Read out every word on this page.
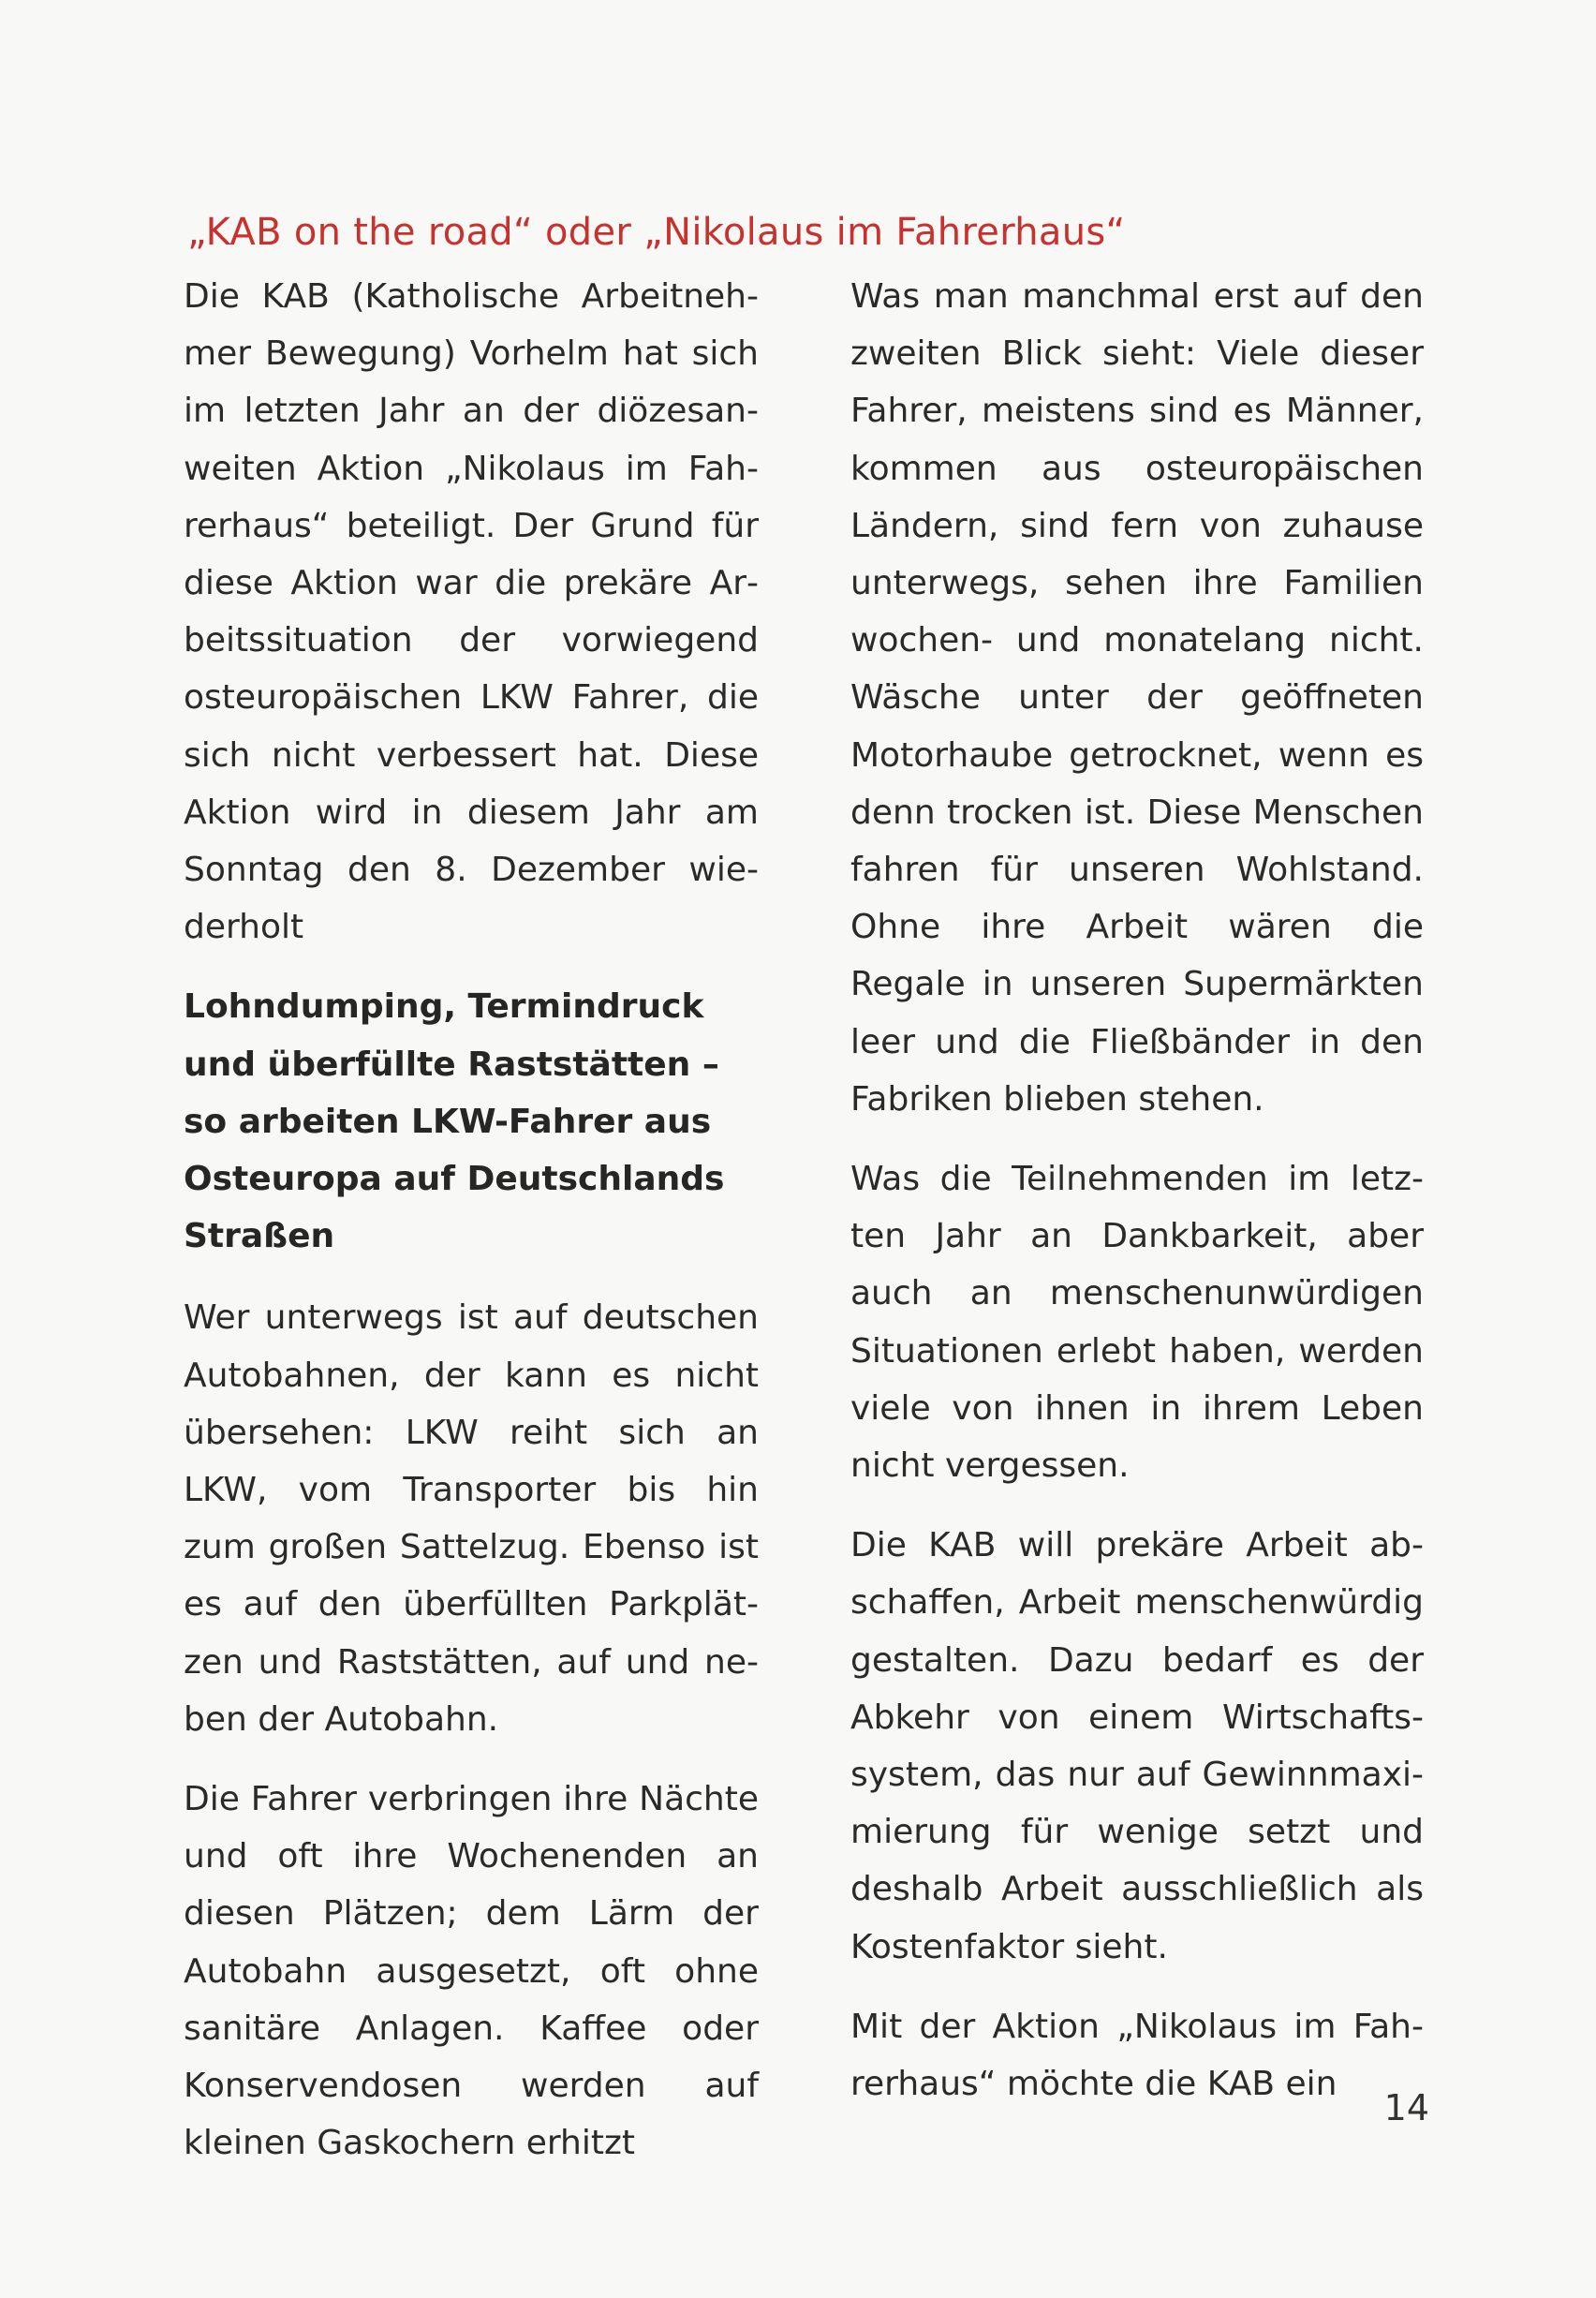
„KAB on the road“ oder „Nikolaus im Fahrerhaus“

Die KAB (Katholische Arbeitnehmer Bewegung) Vorhelm hat sich im letzten Jahr an der diözesanweiten Aktion „Nikolaus im Fahrerhaus“ beteiligt. Der Grund für diese Aktion war die prekäre Arbeitssituation der vorwiegend osteuropäischen LKW Fahrer, die sich nicht verbessert hat. Diese Aktion wird in diesem Jahr am Sonntag den 8. Dezember wiederholt

Lohndumping, Termindruck und überfüllte Raststätten – so arbeiten LKW-Fahrer aus Osteuropa auf Deutschlands Straßen

Wer unterwegs ist auf deutschen Autobahnen, der kann es nicht übersehen: LKW reiht sich an LKW, vom Transporter bis hin zum großen Sattelzug. Ebenso ist es auf den überfüllten Parkplätzen und Raststätten, auf und neben der Autobahn.

Die Fahrer verbringen ihre Nächte und oft ihre Wochenenden an diesen Plätzen; dem Lärm der Autobahn ausgesetzt, oft ohne sanitäre Anlagen. Kaffee oder Konservendosen werden auf kleinen Gaskochern erhitzt

Was man manchmal erst auf den zweiten Blick sieht: Viele dieser Fahrer, meistens sind es Männer, kommen aus osteuropäischen Ländern, sind fern von zuhause unterwegs, sehen ihre Familien wochen- und monatelang nicht. Wäsche unter der geöffneten Motorhaube getrocknet, wenn es denn trocken ist. Diese Menschen fahren für unseren Wohlstand. Ohne ihre Arbeit wären die Regale in unseren Supermärkten leer und die Fließbänder in den Fabriken blieben stehen.

Was die Teilnehmenden im letzten Jahr an Dankbarkeit, aber auch an menschenunwürdigen Situationen erlebt haben, werden viele von ihnen in ihrem Leben nicht vergessen.

Die KAB will prekäre Arbeit abschaffen, Arbeit menschenwürdig gestalten. Dazu bedarf es der Abkehr von einem Wirtschaftssystem, das nur auf Gewinnmaximierung für wenige setzt und deshalb Arbeit ausschließlich als Kostenfaktor sieht.

Mit der Aktion „Nikolaus im Fahrerhaus“ möchte die KAB ein

14
